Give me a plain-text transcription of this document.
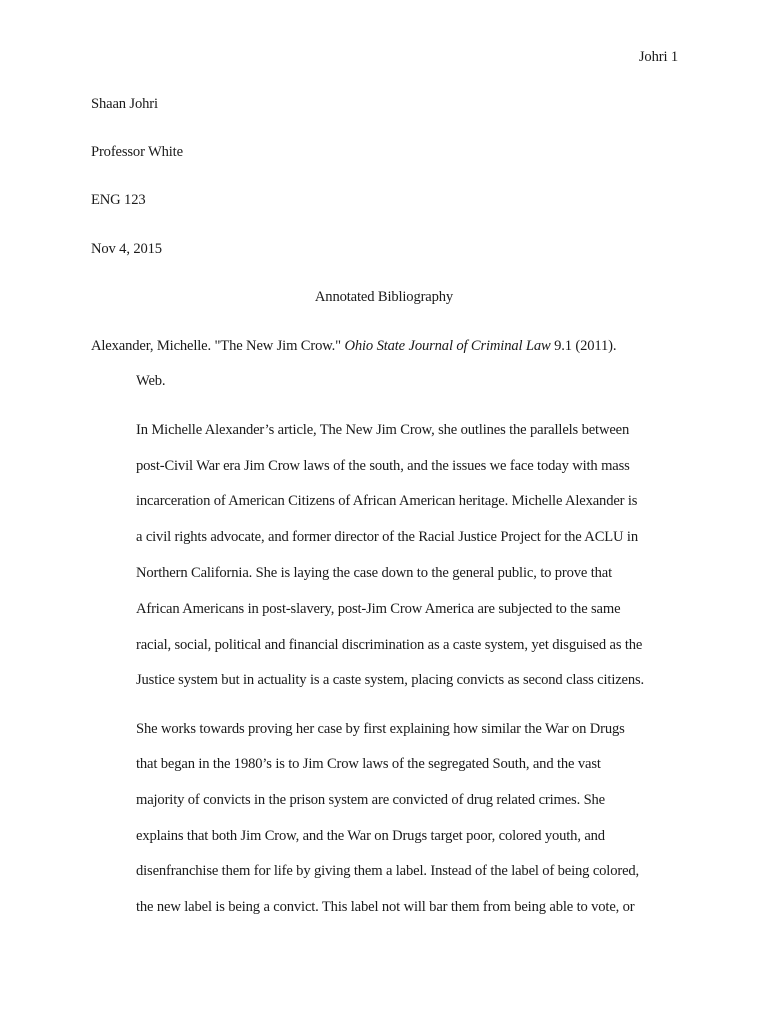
Johri 1
Shaan Johri
Professor White
ENG 123
Nov 4, 2015
Annotated Bibliography
Alexander, Michelle. "The New Jim Crow." Ohio State Journal of Criminal Law 9.1 (2011).
Web.
In Michelle Alexander’s article, The New Jim Crow, she outlines the parallels between
post-Civil War era Jim Crow laws of the south, and the issues we face today with mass
incarceration of American Citizens of African American heritage. Michelle Alexander is
a civil rights advocate, and former director of the Racial Justice Project for the ACLU in
Northern California. She is laying the case down to the general public, to prove that
African Americans in post-slavery, post-Jim Crow America are subjected to the same
racial, social, political and financial discrimination as a caste system, yet disguised as the
Justice system but in actuality is a caste system, placing convicts as second class citizens.
She works towards proving her case by first explaining how similar the War on Drugs
that began in the 1980’s is to Jim Crow laws of the segregated South, and the vast
majority of convicts in the prison system are convicted of drug related crimes. She
explains that both Jim Crow, and the War on Drugs target poor, colored youth, and
disenfranchise them for life by giving them a label. Instead of the label of being colored,
the new label is being a convict. This label not will bar them from being able to vote, or
